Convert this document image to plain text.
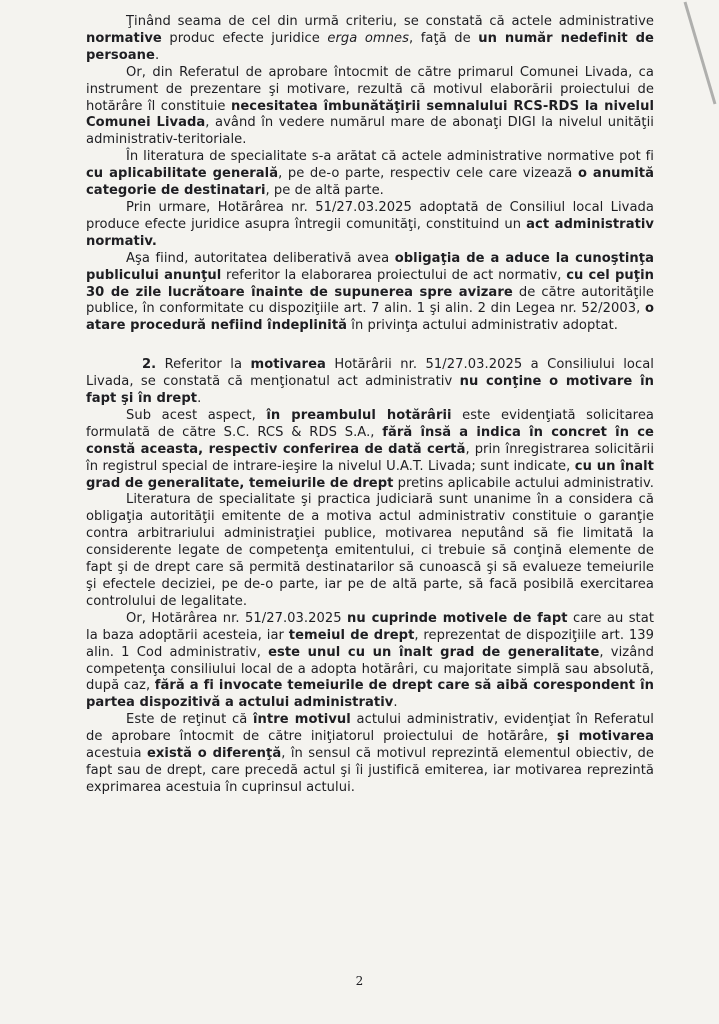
Ţinând seama de cel din urmă criteriu, se constată că actele administrative normative produc efecte juridice erga omnes, faţă de un număr nedefinit de persoane.

Or, din Referatul de aprobare întocmit de către primarul Comunei Livada, ca instrument de prezentare şi motivare, rezultă că motivul elaborării proiectului de hotărâre îl constituie necesitatea îmbunătăţirii semnalului RCS-RDS la nivelul Comunei Livada, având în vedere numărul mare de abonaţi DIGI la nivelul unităţii administrativ-teritoriale.

În literatura de specialitate s-a arătat că actele administrative normative pot fi cu aplicabilitate generală, pe de-o parte, respectiv cele care vizează o anumită categorie de destinatari, pe de altă parte.

Prin urmare, Hotărârea nr. 51/27.03.2025 adoptată de Consiliul local Livada produce efecte juridice asupra întregii comunităţi, constituind un act administrativ normativ.

Aşa fiind, autoritatea deliberativă avea obligaţia de a aduce la cunoştinţa publicului anunţul referitor la elaborarea proiectului de act normativ, cu cel puţin 30 de zile lucrătoare înainte de supunerea spre avizare de către autorităţile publice, în conformitate cu dispoziţiile art. 7 alin. 1 şi alin. 2 din Legea nr. 52/2003, o atare procedură nefiind îndeplinită în privinţa actului administrativ adoptat.

2. Referitor la motivarea Hotărârii nr. 51/27.03.2025 a Consiliului local Livada, se constată că menţionatul act administrativ nu conţine o motivare în fapt şi în drept.

Sub acest aspect, în preambulul hotărârii este evidenţiată solicitarea formulată de către S.C. RCS & RDS S.A., fără însă a indica în concret în ce constă aceasta, respectiv conferirea de dată certă, prin înregistrarea solicitării în registrul special de intrare-ieşire la nivelul U.A.T. Livada; sunt indicate, cu un înalt grad de generalitate, temeiurile de drept pretins aplicabile actului administrativ.

Literatura de specialitate şi practica judiciară sunt unanime în a considera că obligaţia autorităţii emitente de a motiva actul administrativ constituie o garanţie contra arbitrariului administraţiei publice, motivarea neputând să fie limitată la considerente legate de competenţa emitentului, ci trebuie să conţină elemente de fapt şi de drept care să permită destinatarilor să cunoască şi să evalueze temeiurile şi efectele deciziei, pe de-o parte, iar pe de altă parte, să facă posibilă exercitarea controlului de legalitate.

Or, Hotărârea nr. 51/27.03.2025 nu cuprinde motivele de fapt care au stat la baza adoptării acesteia, iar temeiul de drept, reprezentat de dispoziţiile art. 139 alin. 1 Cod administrativ, este unul cu un înalt grad de generalitate, vizând competenţa consiliului local de a adopta hotărâri, cu majoritate simplă sau absolută, după caz, fără a fi invocate temeiurile de drept care să aibă corespondent în partea dispozitivă a actului administrativ.

Este de reţinut că între motivul actului administrativ, evidenţiat în Referatul de aprobare întocmit de către iniţiatorul proiectului de hotărâre, şi motivarea acestuia există o diferenţă, în sensul că motivul reprezintă elementul obiectiv, de fapt sau de drept, care precedă actul şi îi justifică emiterea, iar motivarea reprezintă exprimarea acestuia în cuprinsul actului.

2
